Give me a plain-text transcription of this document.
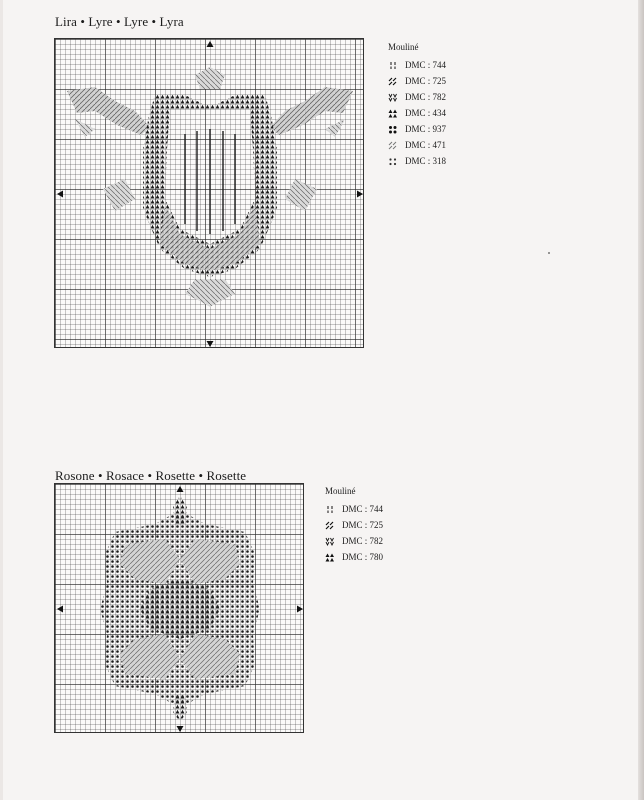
Lira • Lyre • Lyre • Lyra
Mouliné
DMC : 744
DMC : 725
DMC : 782
DMC : 434
DMC : 937
DMC : 471
DMC : 318
Rosone • Rosace • Rosette • Rosette
Mouliné
DMC : 744
DMC : 725
DMC : 782
DMC : 780
